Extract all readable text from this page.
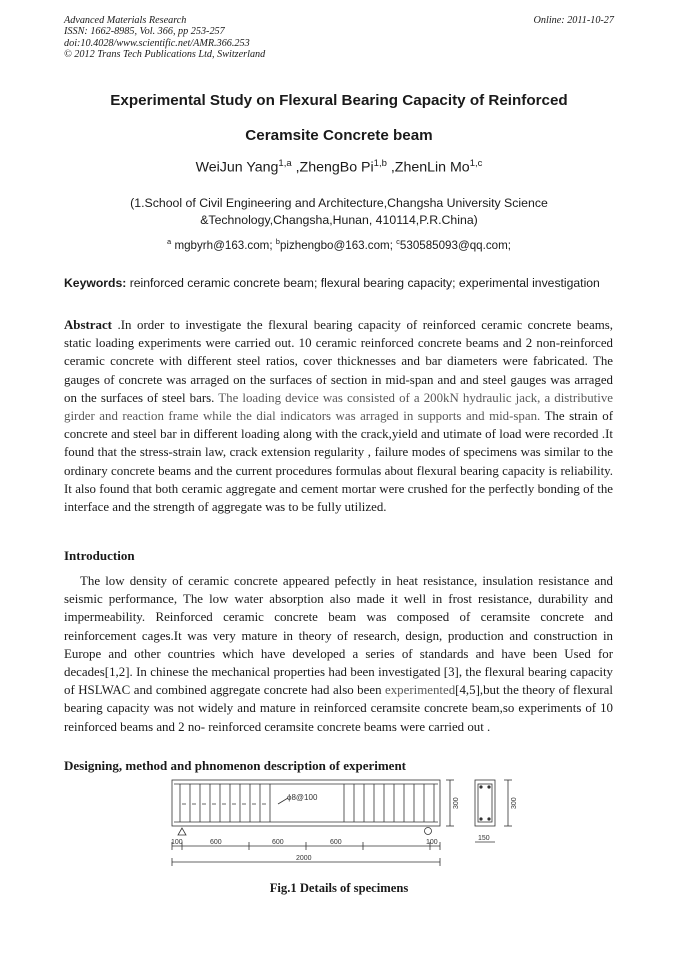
Advanced Materials Research
ISSN: 1662-8985, Vol. 366, pp 253-257
doi:10.4028/www.scientific.net/AMR.366.253
© 2012 Trans Tech Publications Ltd, Switzerland
Online: 2011-10-27
Experimental Study on Flexural Bearing Capacity of Reinforced
Ceramsite Concrete beam
WeiJun Yang$^{1,a}$ ,ZhengBo Pi$^{1,b}$ ,ZhenLin Mo$^{1,c}$
(1.School of Civil Engineering and Architecture,Changsha University Science
&Technology,Changsha,Hunan, 410114,P.R.China)
$^a$ mgbyrh@163.com; $^b$pizhengbo@163.com; $^c$530585093@qq.com;
Keywords: reinforced ceramic concrete beam; flexural bearing capacity; experimental investigation
Abstract .In order to investigate the flexural bearing capacity of reinforced ceramic concrete beams, static loading experiments were carried out. 10 ceramic reinforced concrete beams and 2 non-reinforced ceramic concrete with different steel ratios, cover thicknesses and bar diameters were fabricated. The gauges of concrete was arraged on the surfaces of section in mid-span and and steel gauges was arraged on the surfaces of steel bars. The loading device was consisted of a 200kN hydraulic jack, a distributive girder and reaction frame while the dial indicators was arraged in supports and mid-span. The strain of concrete and steel bar in different loading along with the crack,yield and utimate of load were recorded .It found that the stress-strain law, crack extension regularity , failure modes of specimens was similar to the ordinary concrete beams and the current procedures formulas about flexural bearing capacity is reliability. It also found that both ceramic aggregate and cement mortar were crushed for the perfectly bonding of the interface and the strength of aggregate was to be fully utilized.
Introduction
The low density of ceramic concrete appeared pefectly in heat resistance, insulation resistance and seismic performance, The low water absorption also made it well in frost resistance, durability and impermeability. Reinforced ceramic concrete beam was composed of ceramsite concrete and reinforcement cages.It was very mature in theory of research, design, production and construction in Europe and other countries which have developed a series of standards and have been Used for decades[1,2]. In chinese the mechanical properties had been investigated [3], the flexural bearing capacity of HSLWAC and combined aggregate concrete had also been experimented[4,5],but the theory of flexural bearing capacity was not widely and mature in reinforced ceramsite concrete beam,so experiments of 10 reinforced beams and 2 no- reinforced ceramsite concrete beams were carried out .
Designing, method and phnomenon description of experiment
ϕ8@100	300	300
150
100	600	600	600	100
2000
Fig.1 Details of specimens
